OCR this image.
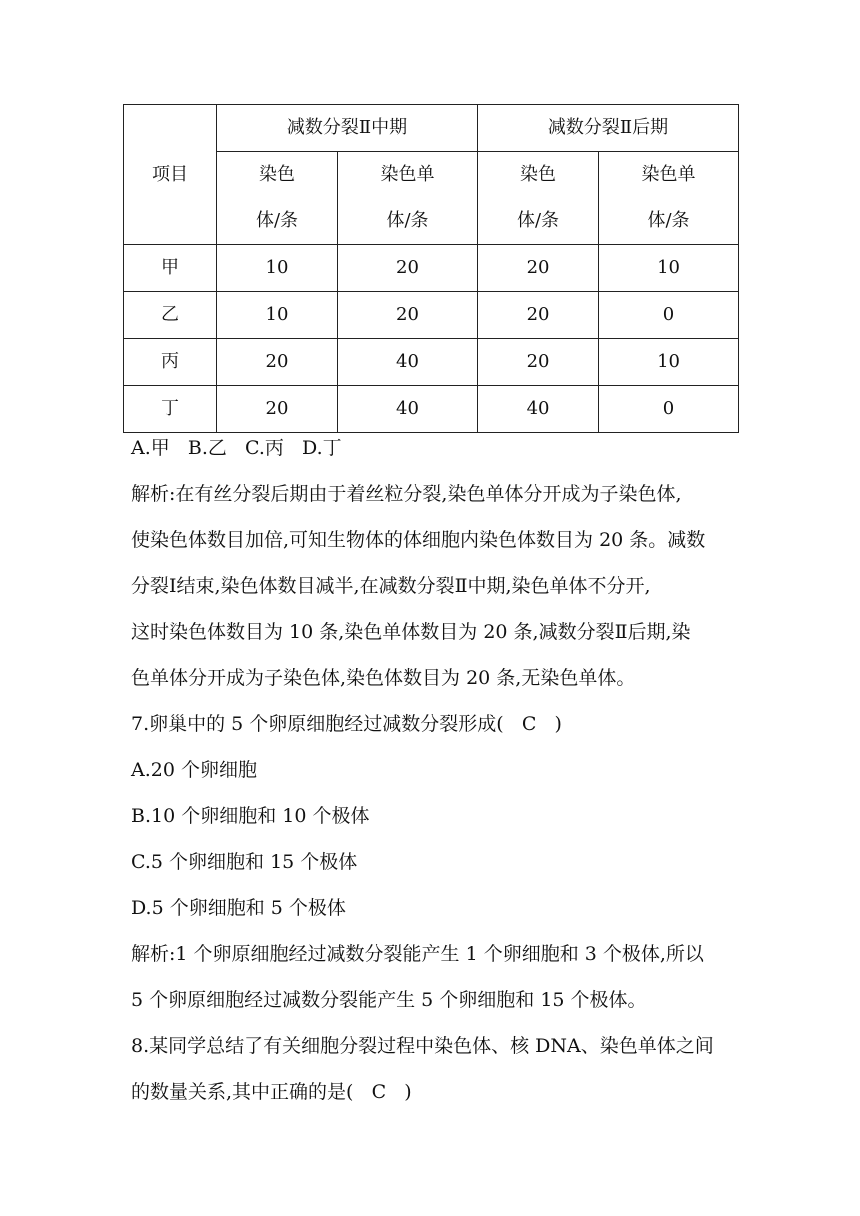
项目	减数分裂Ⅱ中期		减数分裂Ⅱ后期	
	染色	染色单	染色	染色单
	体/条	体/条	体/条	体/条
甲	10	20	20	10
乙	10	20	20	0
丙	20	40	20	10
丁	20	40	40	0
A.甲   B.乙   C.丙   D.丁
解析:在有丝分裂后期由于着丝粒分裂,染色单体分开成为子染色体,
使染色体数目加倍,可知生物体的体细胞内染色体数目为 20 条。减数
分裂Ⅰ结束,染色体数目减半,在减数分裂Ⅱ中期,染色单体不分开,
这时染色体数目为 10 条,染色单体数目为 20 条,减数分裂Ⅱ后期,染
色单体分开成为子染色体,染色体数目为 20 条,无染色单体。
7.卵巢中的 5 个卵原细胞经过减数分裂形成(   C   )
A.20 个卵细胞
B.10 个卵细胞和 10 个极体
C.5 个卵细胞和 15 个极体
D.5 个卵细胞和 5 个极体
解析:1 个卵原细胞经过减数分裂能产生 1 个卵细胞和 3 个极体,所以
5 个卵原细胞经过减数分裂能产生 5 个卵细胞和 15 个极体。
8.某同学总结了有关细胞分裂过程中染色体、核 DNA、染色单体之间
的数量关系,其中正确的是(   C   )
